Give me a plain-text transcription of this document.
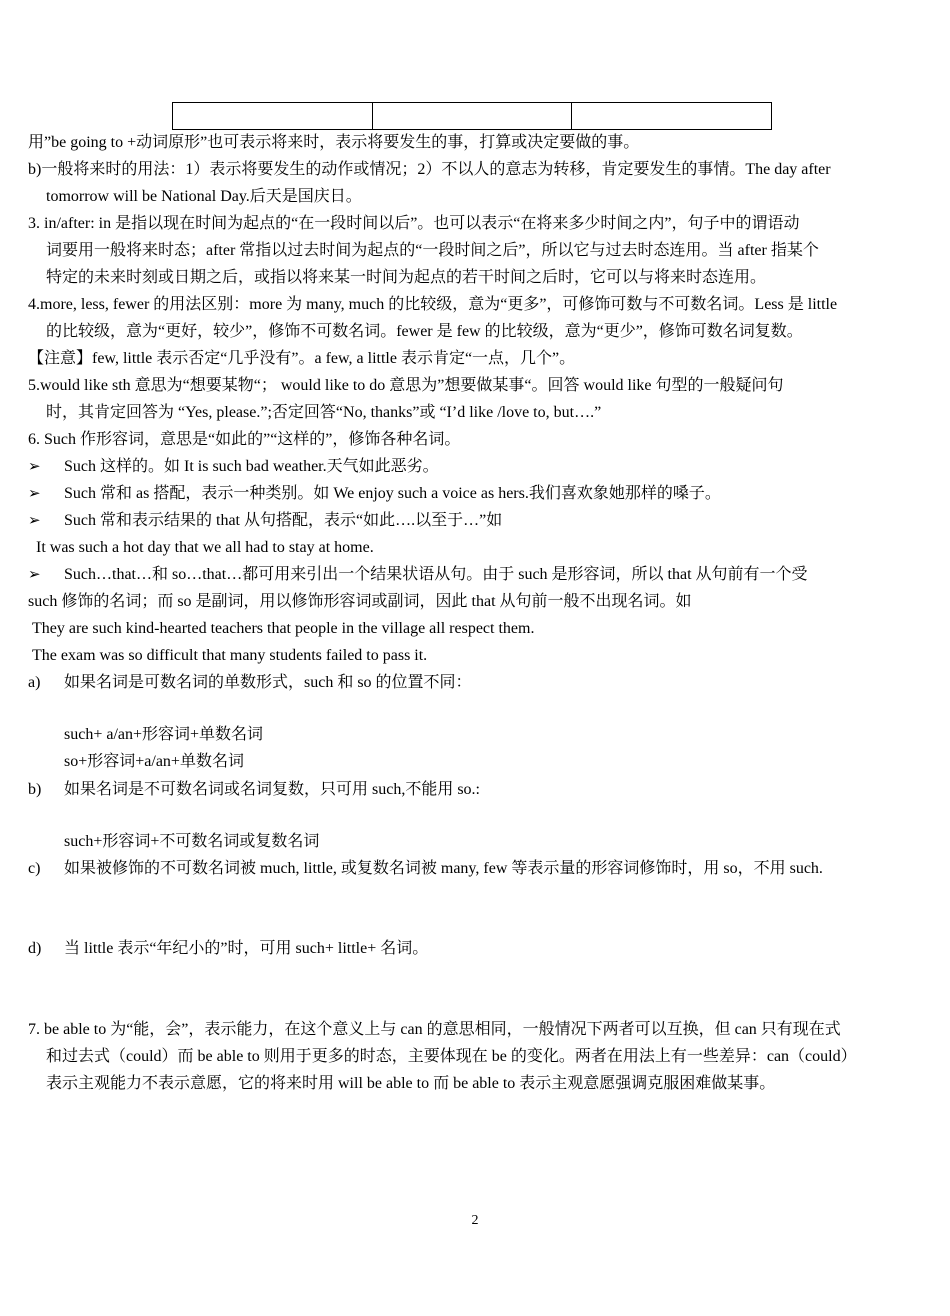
用”be going to +动词原形”也可表示将来时，表示将要发生的事，打算或决定要做的事。
b)一般将来时的用法：1）表示将要发生的动作或情况；2）不以人的意志为转移，肯定要发生的事情。The day after
tomorrow will be National Day.后天是国庆日。
3. in/after: in 是指以现在时间为起点的“在一段时间以后”。也可以表示“在将来多少时间之内”，句子中的谓语动
词要用一般将来时态；after 常指以过去时间为起点的“一段时间之后”，所以它与过去时态连用。当 after 指某个
特定的未来时刻或日期之后，或指以将来某一时间为起点的若干时间之后时，它可以与将来时态连用。
4.more, less, fewer 的用法区别：more 为 many, much 的比较级，意为“更多”，可修饰可数与不可数名词。Less 是 little
的比较级，意为“更好，较少”，修饰不可数名词。fewer 是 few 的比较级，意为“更少”，修饰可数名词复数。
【注意】few, little 表示否定“几乎没有”。a few, a little 表示肯定“一点，几个”。
5.would like sth 意思为“想要某物“； would like to do 意思为”想要做某事“。回答 would like 句型的一般疑问句
时，其肯定回答为 “Yes, please.”;否定回答“No, thanks”或 “I’d like /love to, but….”
6. Such 作形容词，意思是“如此的”“这样的”，修饰各种名词。
➢ Such 这样的。如 It is such bad weather.天气如此恶劣。
➢ Such 常和 as 搭配，表示一种类别。如 We enjoy such a voice as hers.我们喜欢象她那样的嗓子。
➢ Such 常和表示结果的 that 从句搭配，表示“如此….以至于…”如
It was such a hot day that we all had to stay at home.
➢ Such…that…和 so…that…都可用来引出一个结果状语从句。由于 such 是形容词，所以 that 从句前有一个受
such 修饰的名词；而 so 是副词，用以修饰形容词或副词，因此 that 从句前一般不出现名词。如
They are such kind-hearted teachers that people in the village all respect them.
The exam was so difficult that many students failed to pass it.
a) 如果名词是可数名词的单数形式，such 和 so 的位置不同：
such+ a/an+形容词+单数名词
so+形容词+a/an+单数名词
b) 如果名词是不可数名词或名词复数，只可用 such,不能用 so.:
such+形容词+不可数名词或复数名词
c) 如果被修饰的不可数名词被 much, little, 或复数名词被 many, few 等表示量的形容词修饰时，用 so，不用 such.
d) 当 little 表示“年纪小的”时，可用 such+ little+ 名词。
7. be able to 为“能，会”，表示能力，在这个意义上与 can 的意思相同，一般情况下两者可以互换，但 can 只有现在式
和过去式（could）而 be able to 则用于更多的时态，主要体现在 be 的变化。两者在用法上有一些差异：can（could）
表示主观能力不表示意愿，它的将来时用 will be able to 而 be able to 表示主观意愿强调克服困难做某事。
2
